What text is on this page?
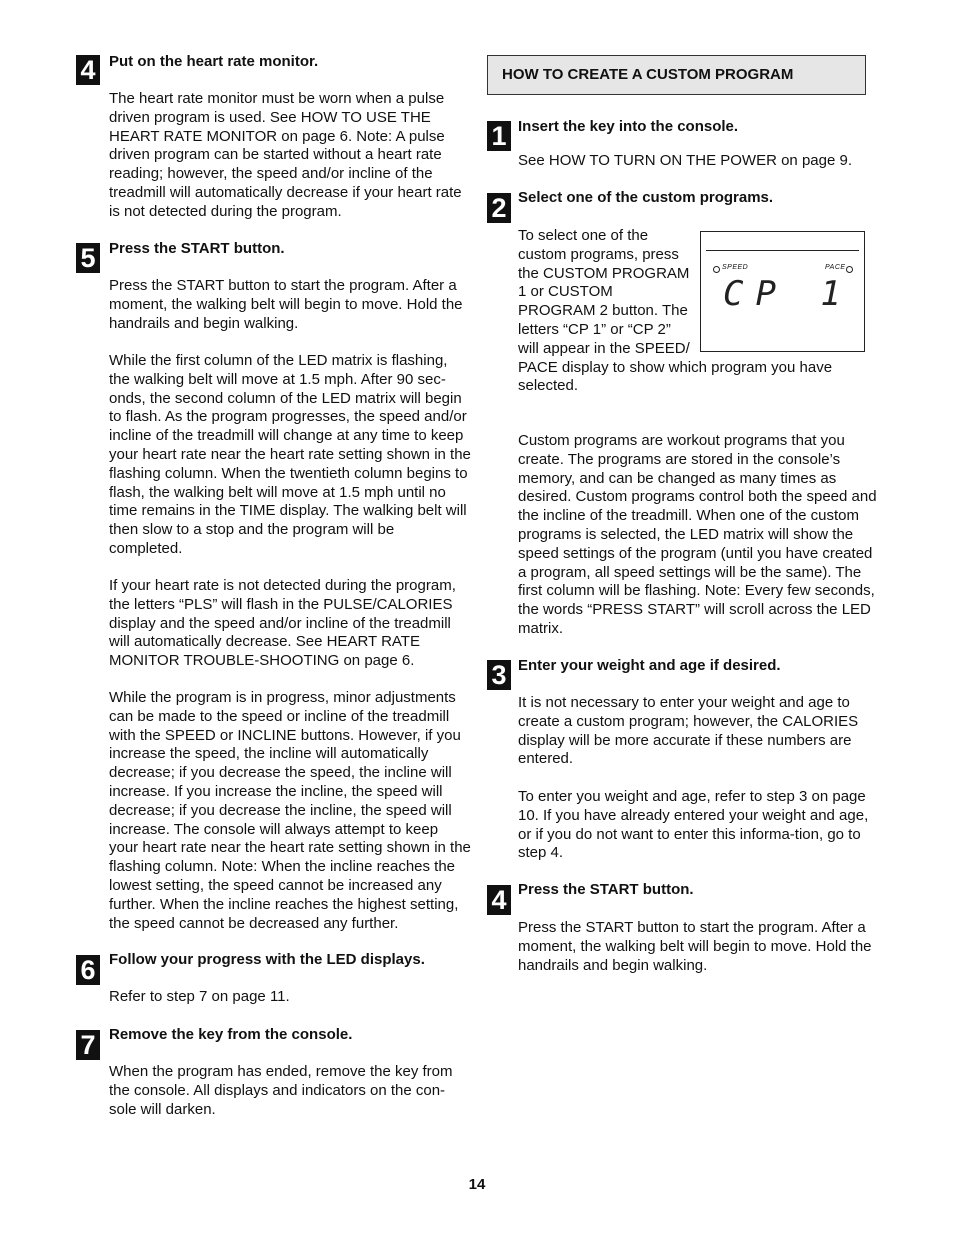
4 Put on the heart rate monitor.

The heart rate monitor must be worn when a pulse driven program is used. See HOW TO USE THE HEART RATE MONITOR on page 6. Note: A pulse driven program can be started without a heart rate reading; however, the speed and/or incline of the treadmill will automatically decrease if your heart rate is not detected during the program.

5 Press the START button.

Press the START button to start the program. After a moment, the walking belt will begin to move. Hold the handrails and begin walking.

While the first column of the LED matrix is flashing, the walking belt will move at 1.5 mph. After 90 sec-onds, the second column of the LED matrix will begin to flash. As the program progresses, the speed and/or incline of the treadmill will change at any time to keep your heart rate near the heart rate setting shown in the flashing column. When the twentieth column begins to flash, the walking belt will move at 1.5 mph until no time remains in the TIME display. The walking belt will then slow to a stop and the program will be completed.

If your heart rate is not detected during the program, the letters “PLS” will flash in the PULSE/CALORIES display and the speed and/or incline of the treadmill will automatically decrease. See HEART RATE MONITOR TROUBLE-SHOOTING on page 6.

While the program is in progress, minor adjustments can be made to the speed or incline of the treadmill with the SPEED or INCLINE buttons. However, if you increase the speed, the incline will automatically decrease; if you decrease the speed, the incline will increase. If you increase the incline, the speed will decrease; if you decrease the incline, the speed will increase. The console will always attempt to keep your heart rate near the heart rate setting shown in the flashing column. Note: When the incline reaches the lowest setting, the speed cannot be increased any further. When the incline reaches the highest setting, the speed cannot be decreased any further.

6 Follow your progress with the LED displays.

Refer to step 7 on page 11.

7 Remove the key from the console.

When the program has ended, remove the key from the console. All displays and indicators on the con-sole will darken.

HOW TO CREATE A CUSTOM PROGRAM
1 Insert the key into the console.

See HOW TO TURN ON THE POWER on page 9.

2 Select one of the custom programs.
To select one of the custom programs, press the CUSTOM PROGRAM 1 or CUSTOM PROGRAM 2 button. The letters “CP 1” or “CP 2” will appear in the SPEED/ PACE display to show which program you have selected.
SPEED	PACE
CP 1

Custom programs are workout programs that you create. The programs are stored in the console’s memory, and can be changed as many times as desired. Custom programs control both the speed and the incline of the treadmill. When one of the custom programs is selected, the LED matrix will show the speed settings of the program (until you have created a program, all speed settings will be the same). The first column will be flashing. Note: Every few seconds, the words “PRESS START” will scroll across the LED matrix.

3 Enter your weight and age if desired.

It is not necessary to enter your weight and age to create a custom program; however, the CALORIES display will be more accurate if these numbers are entered.

To enter you weight and age, refer to step 3 on page 10. If you have already entered your weight and age, or if you do not want to enter this informa-tion, go to step 4.

4 Press the START button.

Press the START button to start the program. After a moment, the walking belt will begin to move. Hold the handrails and begin walking.

14
